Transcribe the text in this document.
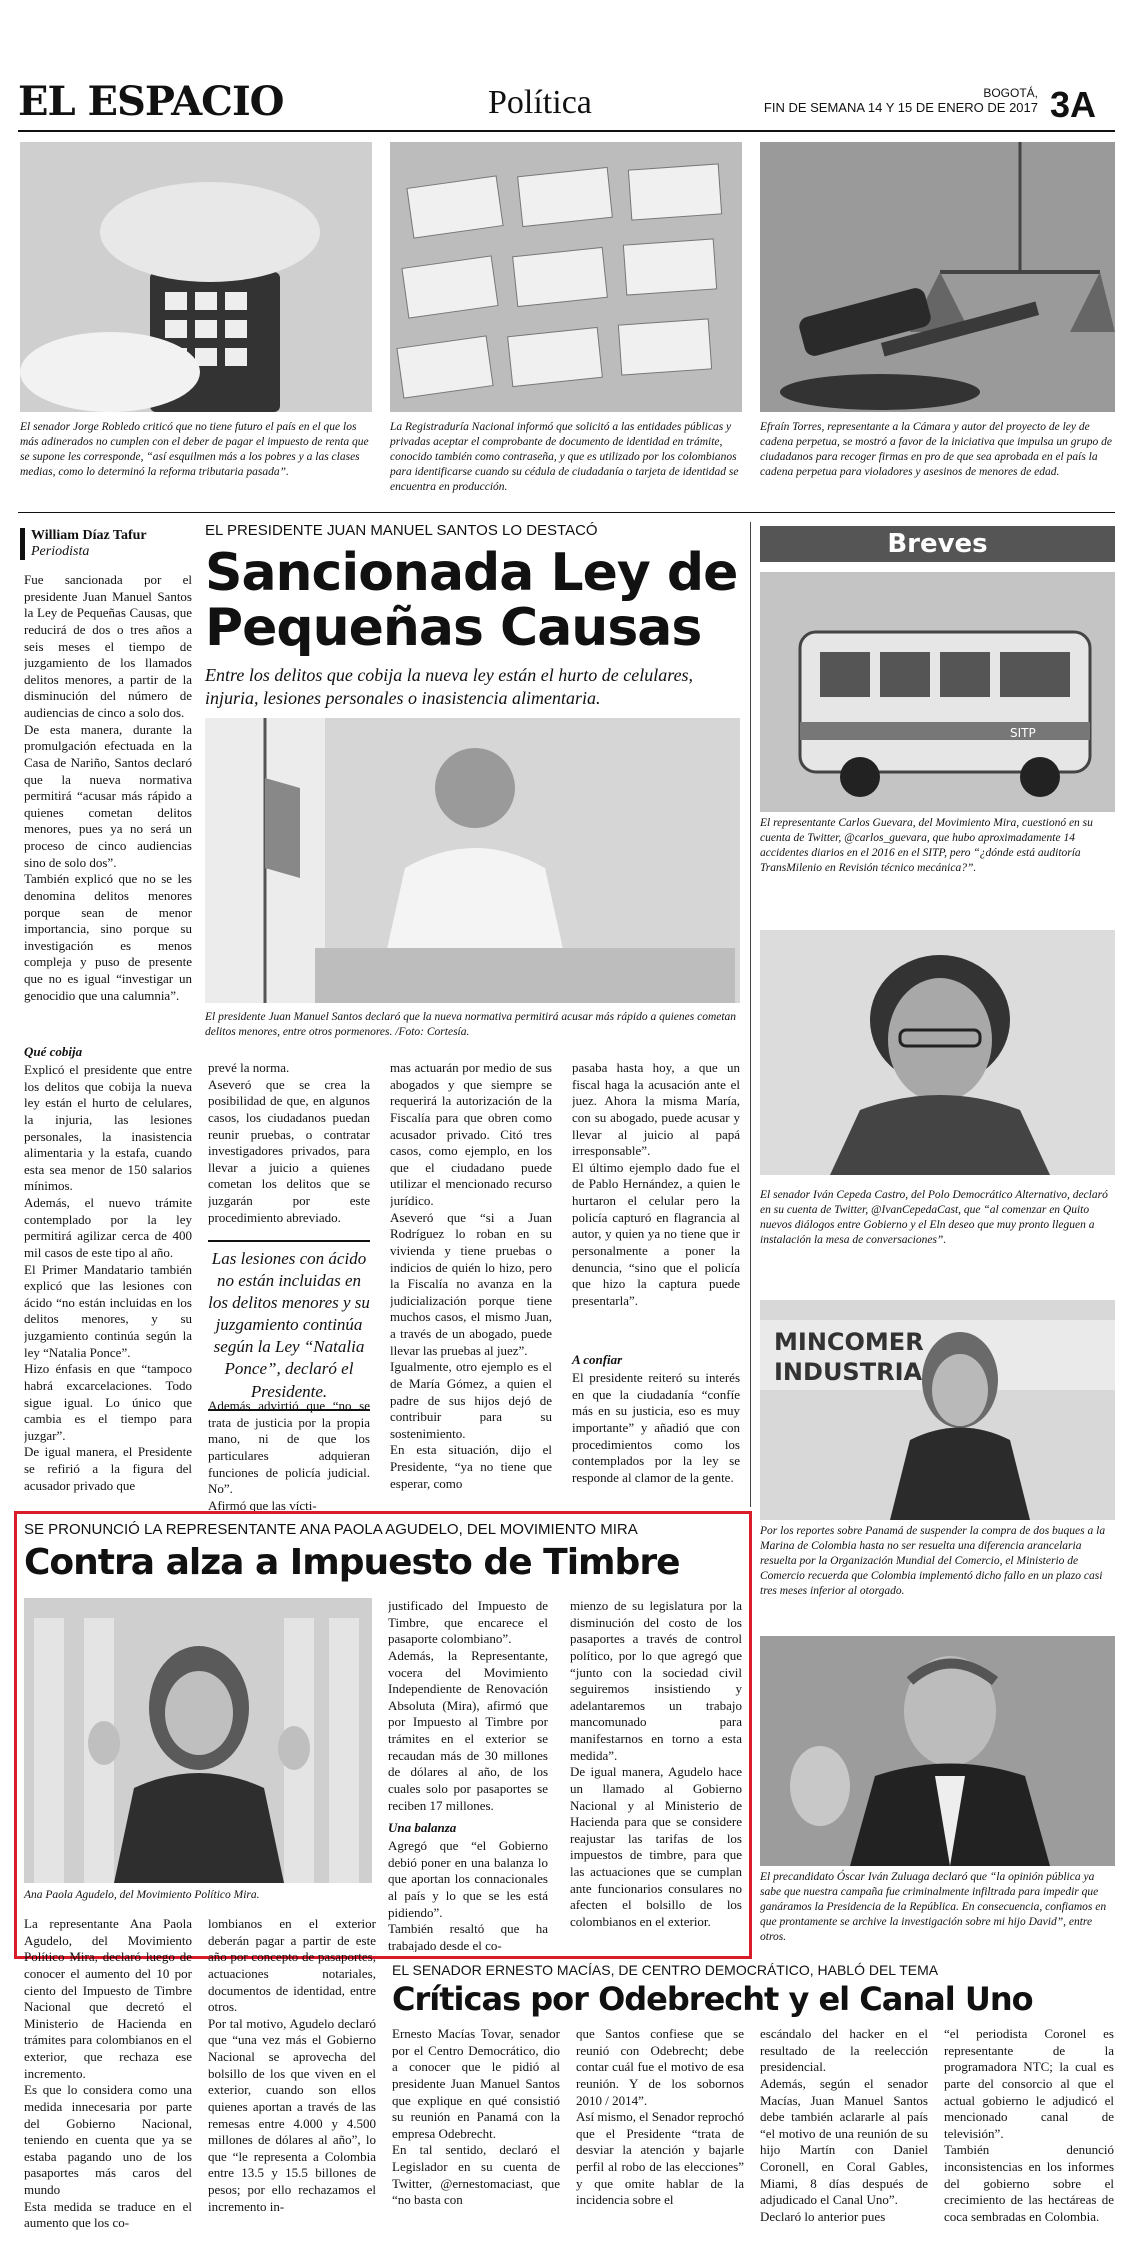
EL ESPACIO	Política	BOGOTÁ,
FIN DE SEMANA 14 Y 15 DE ENERO DE 2017 3A
El senador Jorge Robledo criticó que no tiene futuro el país en el que los más adinerados no cumplen con el deber de pagar el impuesto de renta que se supone les corresponde, “así esquilmen más a los pobres y a las clases medias, como lo determinó la reforma tributaria pasada”.
La Registraduría Nacional informó que solicitó a las entidades públicas y privadas aceptar el comprobante de documento de identidad en trámite, conocido también como contraseña, y que es utilizado por los colombianos para identificarse cuando su cédula de ciudadanía o tarjeta de identidad se encuentra en producción.
Efraín Torres, representante a la Cámara y autor del proyecto de ley de cadena perpetua, se mostró a favor de la iniciativa que impulsa un grupo de ciudadanos para recoger firmas en pro de que sea aprobada en el país la cadena perpetua para violadores y asesinos de menores de edad.
William Díaz Tafur
Periodista
Fue sancionada por el presidente Juan Manuel Santos la Ley de Pequeñas Causas, que reducirá de dos o tres años a seis meses el tiempo de juzgamiento de los llamados delitos menores, a partir de la disminución del número de audiencias de cinco a solo dos.
De esta manera, durante la promulgación efectuada en la Casa de Nariño, Santos declaró que la nueva normativa permitirá “acusar más rápido a quienes cometan delitos menores, pues ya no será un proceso de cinco audiencias sino de solo dos”.
También explicó que no se les denomina delitos menores porque sean de menor importancia, sino porque su investigación es menos compleja y puso de presente que no es igual “investigar un genocidio que una calumnia”.
Qué cobija
Explicó el presidente que entre los delitos que cobija la nueva ley están el hurto de celulares, la injuria, las lesiones personales, la inasistencia alimentaria y la estafa, cuando esta sea menor de 150 salarios mínimos.
Además, el nuevo trámite contemplado por la ley permitirá agilizar cerca de 400 mil casos de este tipo al año.
El Primer Mandatario también explicó que las lesiones con ácido “no están incluidas en los delitos menores, y su juzgamiento continúa según la ley “Natalia Ponce”.
Hizo énfasis en que “tampoco habrá excarcelaciones. Todo sigue igual. Lo único que cambia es el tiempo para juzgar”.
De igual manera, el Presidente se refirió a la figura del acusador privado que
EL PRESIDENTE JUAN MANUEL SANTOS LO DESTACÓ
Sancionada Ley de Pequeñas Causas
Entre los delitos que cobija la nueva ley están el hurto de celulares, injuria, lesiones personales o inasistencia alimentaria.
El presidente Juan Manuel Santos declaró que la nueva normativa permitirá acusar más rápido a quienes cometan delitos menores, entre otros pormenores. /Foto: Cortesía.
prevé la norma.
Aseveró que se crea la posibilidad de que, en algunos casos, los ciudadanos puedan reunir pruebas, o contratar investigadores privados, para llevar a juicio a quienes cometan los delitos que se juzgarán por este procedimiento abreviado.
Las lesiones con ácido no están incluidas en los delitos menores y su juzgamiento continúa según la Ley “Natalia Ponce”, declaró el Presidente.
Además advirtió que “no se trata de justicia por la propia mano, ni de que los particulares adquieran funciones de policía judicial. No”.
Afirmó que las vícti-
mas actuarán por medio de sus abogados y que siempre se requerirá la autorización de la Fiscalía para que obren como acusador privado. Citó tres casos, como ejemplo, en los que el ciudadano puede utilizar el mencionado recurso jurídico.
Aseveró que “si a Juan Rodríguez lo roban en su vivienda y tiene pruebas o indicios de quién lo hizo, pero la Fiscalía no avanza en la judicialización porque tiene muchos casos, el mismo Juan, a través de un abogado, puede llevar las pruebas al juez”.
Igualmente, otro ejemplo es el de María Gómez, a quien el padre de sus hijos dejó de contribuir para su sostenimiento.
En esta situación, dijo el Presidente, “ya no tiene que esperar, como
pasaba hasta hoy, a que un fiscal haga la acusación ante el juez. Ahora la misma María, con su abogado, puede acusar y llevar al juicio al papá irresponsable”.
El último ejemplo dado fue el de Pablo Hernández, a quien le hurtaron el celular pero la policía capturó en flagrancia al autor, y quien ya no tiene que ir personalmente a poner la denuncia, “sino que el policía que hizo la captura puede presentarla”.
A confiar
El presidente reiteró su interés en que la ciudadanía “confíe más en su justicia, eso es muy importante” y añadió que con procedimientos como los contemplados por la ley se responde al clamor de la gente.
SE PRONUNCIÓ LA REPRESENTANTE ANA PAOLA AGUDELO, DEL MOVIMIENTO MIRA
Contra alza a Impuesto de Timbre
Ana Paola Agudelo, del Movimiento Político Mira.
justificado del Impuesto de Timbre, que encarece el pasaporte colombiano”.
Además, la Representante, vocera del Movimiento Independiente de Renovación Absoluta (Mira), afirmó que por Impuesto al Timbre por trámites en el exterior se recaudan más de 30 millones de dólares al año, de los cuales solo por pasaportes se reciben 17 millones.
Una balanza
Agregó que “el Gobierno debió poner en una balanza lo que aportan los connacionales al país y lo que se les está pidiendo”.
También resaltó que ha trabajado desde el co-
mienzo de su legislatura por la disminución del costo de los pasaportes a través de control político, por lo que agregó que “junto con la sociedad civil seguiremos insistiendo y adelantaremos un trabajo mancomunado para manifestarnos en torno a esta medida”.
De igual manera, Agudelo hace un llamado al Gobierno Nacional y al Ministerio de Hacienda para que se considere reajustar las tarifas de los impuestos de timbre, para que las actuaciones que se cumplan ante funcionarios consulares no afecten el bolsillo de los colombianos en el exterior.
La representante Ana Paola Agudelo, del Movimiento Político Mira, declaró luego de conocer el aumento del 10 por ciento del Impuesto de Timbre Nacional que decretó el Ministerio de Hacienda en trámites para colombianos en el exterior, que rechaza ese incremento.
Es que lo considera como una medida innecesaria por parte del Gobierno Nacional, teniendo en cuenta que ya se estaba pagando uno de los pasaportes más caros del mundo
Esta medida se traduce en el aumento que los co-
lombianos en el exterior deberán pagar a partir de este año por concepto de pasaportes, actuaciones notariales, documentos de identidad, entre otros.
Por tal motivo, Agudelo declaró que “una vez más el Gobierno Nacional se aprovecha del bolsillo de los que viven en el exterior, cuando son ellos quienes aportan a través de las remesas entre 4.000 y 4.500 millones de dólares al año”, lo que “le representa a Colombia entre 13.5 y 15.5 billones de pesos; por ello rechazamos el incremento in-
EL SENADOR ERNESTO MACÍAS, DE CENTRO DEMOCRÁTICO, HABLÓ DEL TEMA
Críticas por Odebrecht y el Canal Uno
Ernesto Macías Tovar, senador por el Centro Democrático, dio a conocer que le pidió al presidente Juan Manuel Santos que explique en qué consistió su reunión en Panamá con la empresa Odebrecht.
En tal sentido, declaró el Legislador en su cuenta de Twitter, @ernestomaciast, que “no basta con
que Santos confiese que se reunió con Odebrecht; debe contar cuál fue el motivo de esa reunión. Y de los sobornos 2010 / 2014”.
Así mismo, el Senador reprochó que el Presidente “trata de desviar la atención y bajarle perfil al robo de las elecciones” y que omite hablar de la incidencia sobre el
escándalo del hacker en el resultado de la reelección presidencial.
Además, según el senador Macías, Juan Manuel Santos debe también aclararle al país “el motivo de una reunión de su hijo Martín con Daniel Coronell, en Coral Gables, Miami, 8 días después de adjudicado el Canal Uno”.
Declaró lo anterior pues
“el periodista Coronel es representante de la programadora NTC; la cual es parte del consorcio al que el actual gobierno le adjudicó el mencionado canal de televisión”.
También denunció inconsistencias en los informes del gobierno sobre el crecimiento de las hectáreas de coca sembradas en Colombia.
Breves
SITP
El representante Carlos Guevara, del Movimiento Mira, cuestionó en su cuenta de Twitter, @carlos_guevara, que hubo aproximadamente 14 accidentes diarios en el 2016 en el SITP, pero “¿dónde está auditoría TransMilenio en Revisión técnico mecánica?”.
El senador Iván Cepeda Castro, del Polo Democrático Alternativo, declaró en su cuenta de Twitter, @IvanCepedaCast, que “al comenzar en Quito nuevos diálogos entre Gobierno y el Eln deseo que muy pronto lleguen a instalación la mesa de conversaciones”.
MINCOMER
INDUSTRIA
Por los reportes sobre Panamá de suspender la compra de dos buques a la Marina de Colombia hasta no ser resuelta una diferencia arancelaria resuelta por la Organización Mundial del Comercio, el Ministerio de Comercio recuerda que Colombia implementó dicho fallo en un plazo casi tres meses inferior al otorgado.
El precandidato Óscar Iván Zuluaga declaró que “la opinión pública ya sabe que nuestra campaña fue criminalmente infiltrada para impedir que ganáramos la Presidencia de la República. En consecuencia, confiamos en que prontamente se archive la investigación sobre mi hijo David”, entre otros.
